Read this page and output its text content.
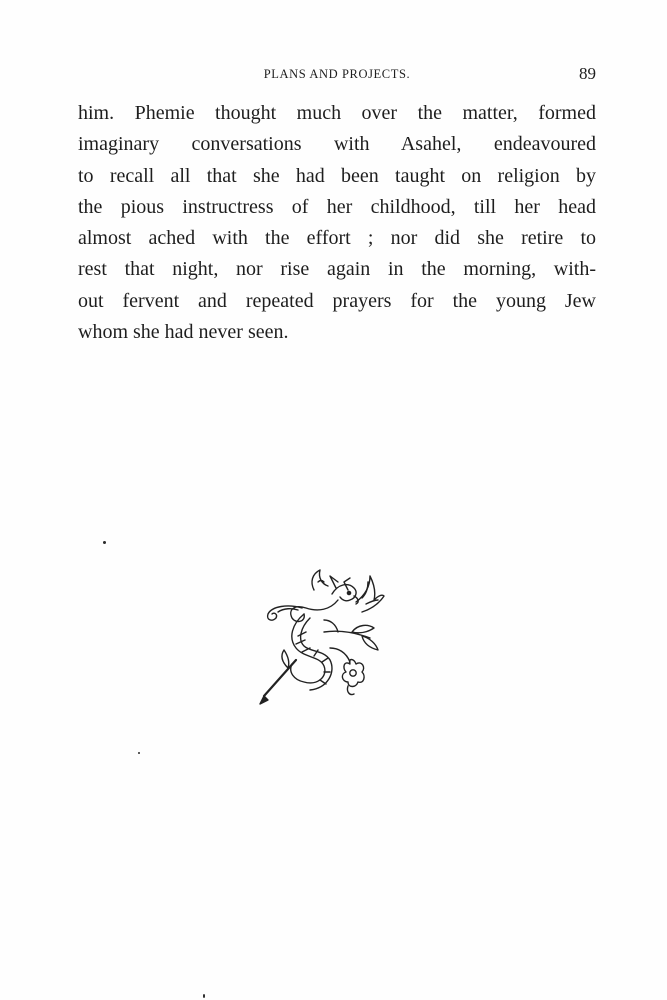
PLANS AND PROJECTS.	89
him. Phemie thought much over the matter, formed
imaginary conversations with Asahel, endeavoured
to recall all that she had been taught on religion by
the pious instructress of her childhood, till her head
almost ached with the effort ; nor did she retire to
rest that night, nor rise again in the morning, with-
out fervent and repeated prayers for the young Jew
whom she had never seen.
